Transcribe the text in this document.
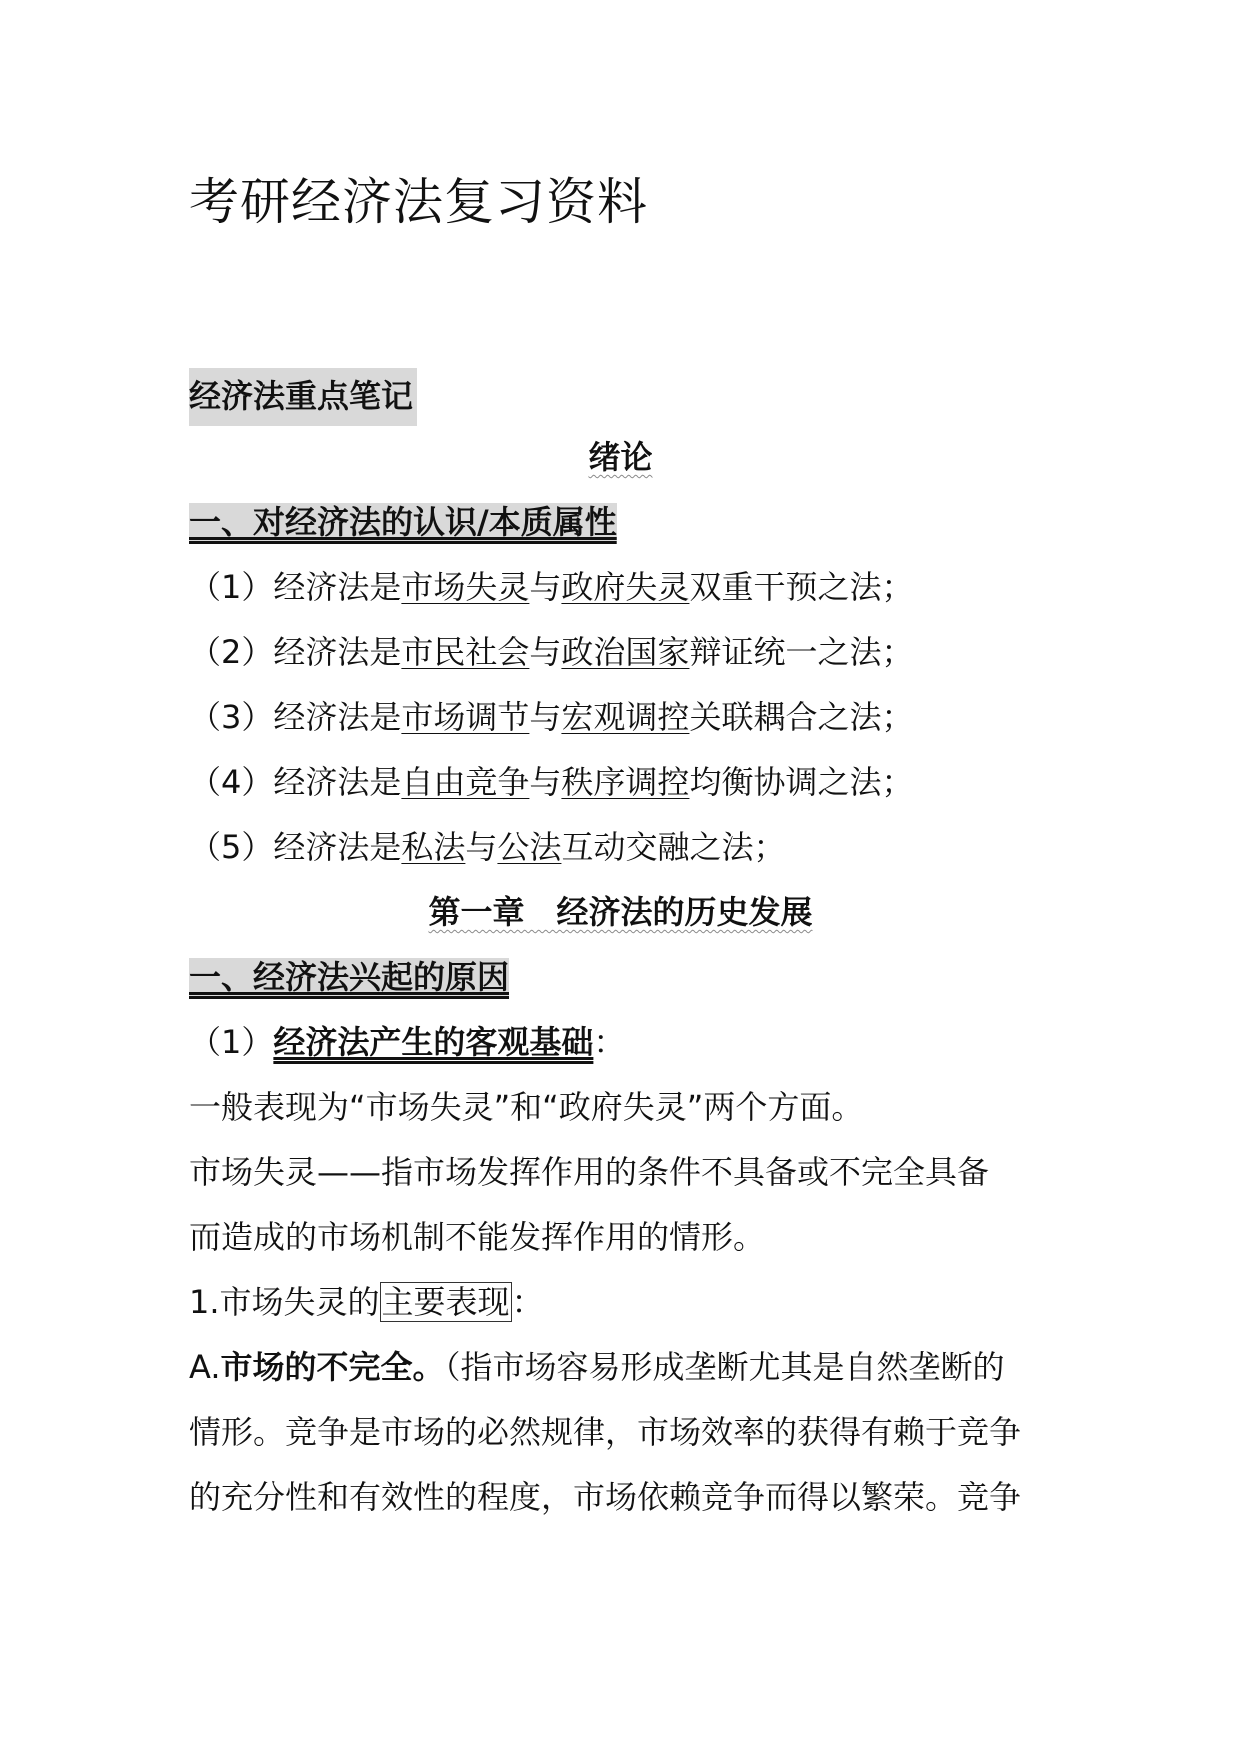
考研经济法复习资料
经济法重点笔记
绪论
一、对经济法的认识/本质属性
（1）经济法是市场失灵与政府失灵双重干预之法；
（2）经济法是市民社会与政治国家辩证统一之法；
（3）经济法是市场调节与宏观调控关联耦合之法；
（4）经济法是自由竞争与秩序调控均衡协调之法；
（5）经济法是私法与公法互动交融之法；
第一章　经济法的历史发展
一、经济法兴起的原因
（1）经济法产生的客观基础：
一般表现为“市场失灵”和“政府失灵”两个方面。
市场失灵——指市场发挥作用的条件不具备或不完全具备
而造成的市场机制不能发挥作用的情形。
1.市场失灵的主要表现：
A.市场的不完全。（指市场容易形成垄断尤其是自然垄断的
情形。竞争是市场的必然规律，市场效率的获得有赖于竞争
的充分性和有效性的程度，市场依赖竞争而得以繁荣。竞争
